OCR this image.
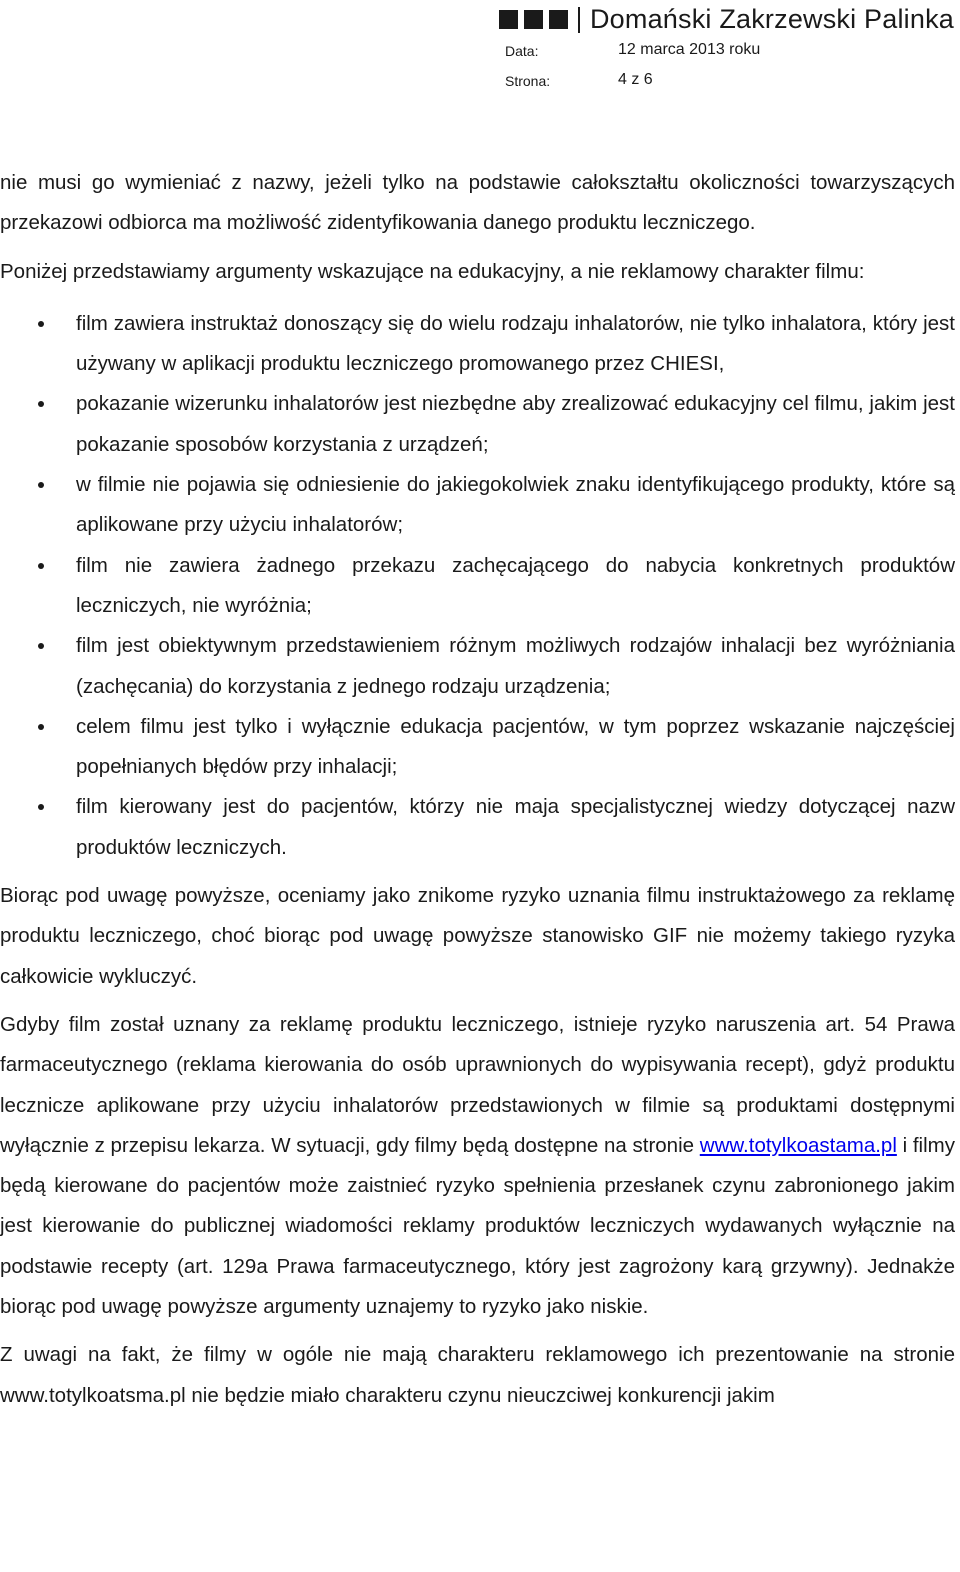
Domański Zakrzewski Palinka
Data:	12 marca 2013 roku
Strona:	4 z 6

nie musi go wymieniać z nazwy, jeżeli tylko na podstawie całokształtu okoliczności towarzyszących przekazowi odbiorca ma możliwość zidentyfikowania danego produktu leczniczego.

Poniżej przedstawiamy argumenty wskazujące na edukacyjny, a nie reklamowy charakter filmu:

film zawiera instruktaż donoszący się do wielu rodzaju inhalatorów, nie tylko inhalatora, który jest używany w aplikacji produktu leczniczego promowanego przez CHIESI,
pokazanie wizerunku inhalatorów jest niezbędne aby zrealizować edukacyjny cel filmu, jakim jest pokazanie sposobów korzystania z urządzeń;
w filmie nie pojawia się odniesienie do jakiegokolwiek znaku identyfikującego produkty, które są aplikowane przy użyciu inhalatorów;
film nie zawiera żadnego przekazu zachęcającego do nabycia konkretnych produktów leczniczych, nie wyróżnia;
film jest obiektywnym przedstawieniem różnym możliwych rodzajów inhalacji bez wyróżniania (zachęcania) do korzystania z jednego rodzaju urządzenia;
celem filmu jest tylko i wyłącznie edukacja pacjentów, w tym poprzez wskazanie najczęściej popełnianych błędów przy inhalacji;
film kierowany jest do pacjentów, którzy nie maja specjalistycznej wiedzy dotyczącej nazw produktów leczniczych.

Biorąc pod uwagę powyższe, oceniamy jako znikome ryzyko uznania filmu instruktażowego za reklamę produktu leczniczego, choć biorąc pod uwagę powyższe stanowisko GIF nie możemy takiego ryzyka całkowicie wykluczyć.

Gdyby film został uznany za reklamę produktu leczniczego, istnieje ryzyko naruszenia art. 54 Prawa farmaceutycznego (reklama kierowania do osób uprawnionych do wypisywania recept), gdyż produktu lecznicze aplikowane przy użyciu inhalatorów przedstawionych w filmie są produktami dostępnymi wyłącznie z przepisu lekarza. W sytuacji, gdy filmy będą dostępne na stronie www.totylkoastama.pl i filmy będą kierowane do pacjentów może zaistnieć ryzyko spełnienia przesłanek czynu zabronionego jakim jest kierowanie do publicznej wiadomości reklamy produktów leczniczych wydawanych wyłącznie na podstawie recepty (art. 129a Prawa farmaceutycznego, który jest zagrożony karą grzywny). Jednakże biorąc pod uwagę powyższe argumenty uznajemy to ryzyko jako niskie.

Z uwagi na fakt, że filmy w ogóle nie mają charakteru reklamowego ich prezentowanie na stronie www.totylkoatsma.pl nie będzie miało charakteru czynu nieuczciwej konkurencji jakim
